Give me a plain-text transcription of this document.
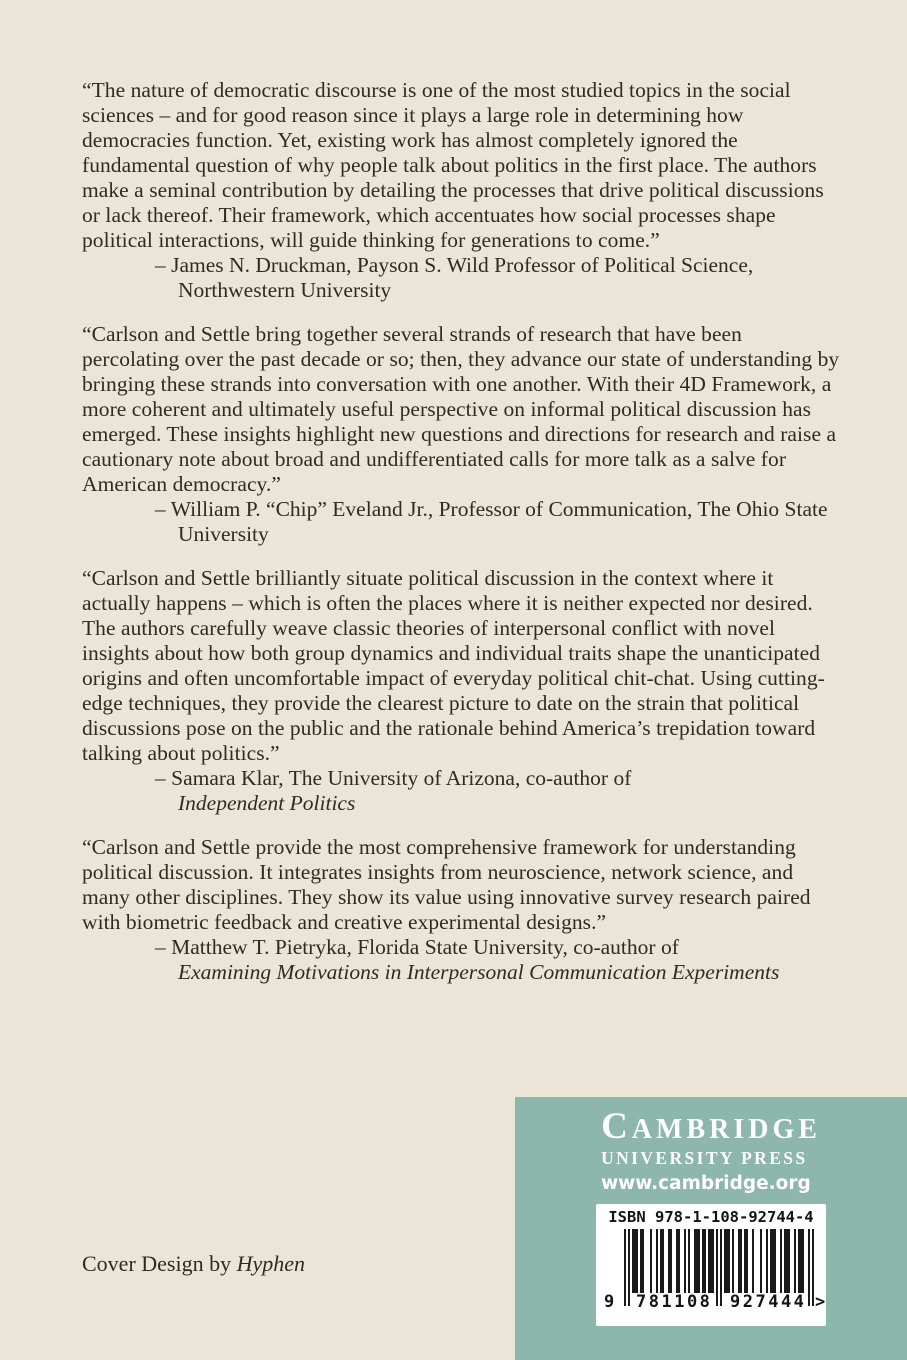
“The nature of democratic discourse is one of the most studied topics in the social sciences – and for good reason since it plays a large role in determining how democracies function. Yet, existing work has almost completely ignored the fundamental question of why people talk about politics in the first place. The authors make a seminal contribution by detailing the processes that drive political discussions or lack thereof. Their framework, which accentuates how social processes shape political interactions, will guide thinking for generations to come.”
– James N. Druckman, Payson S. Wild Professor of Political Science, Northwestern University
“Carlson and Settle bring together several strands of research that have been percolating over the past decade or so; then, they advance our state of understanding by bringing these strands into conversation with one another. With their 4D Framework, a more coherent and ultimately useful perspective on informal political discussion has emerged. These insights highlight new questions and directions for research and raise a cautionary note about broad and undifferentiated calls for more talk as a salve for American democracy.”
– William P. “Chip” Eveland Jr., Professor of Communication, The Ohio State University
“Carlson and Settle brilliantly situate political discussion in the context where it actually happens – which is often the places where it is neither expected nor desired. The authors carefully weave classic theories of interpersonal conflict with novel insights about how both group dynamics and individual traits shape the unanticipated origins and often uncomfortable impact of everyday political chit-chat. Using cutting-edge techniques, they provide the clearest picture to date on the strain that political discussions pose on the public and the rationale behind America’s trepidation toward talking about politics.”
– Samara Klar, The University of Arizona, co-author of
Independent Politics
“Carlson and Settle provide the most comprehensive framework for understanding political discussion. It integrates insights from neuroscience, network science, and many other disciplines. They show its value using innovative survey research paired with biometric feedback and creative experimental designs.”
– Matthew T. Pietryka, Florida State University, co-author of
Examining Motivations in Interpersonal Communication Experiments
Cover Design by Hyphen
CAMBRIDGE
UNIVERSITY PRESS
www.cambridge.org
ISBN 978-1-108-92744-4
9 781108 927444 >
